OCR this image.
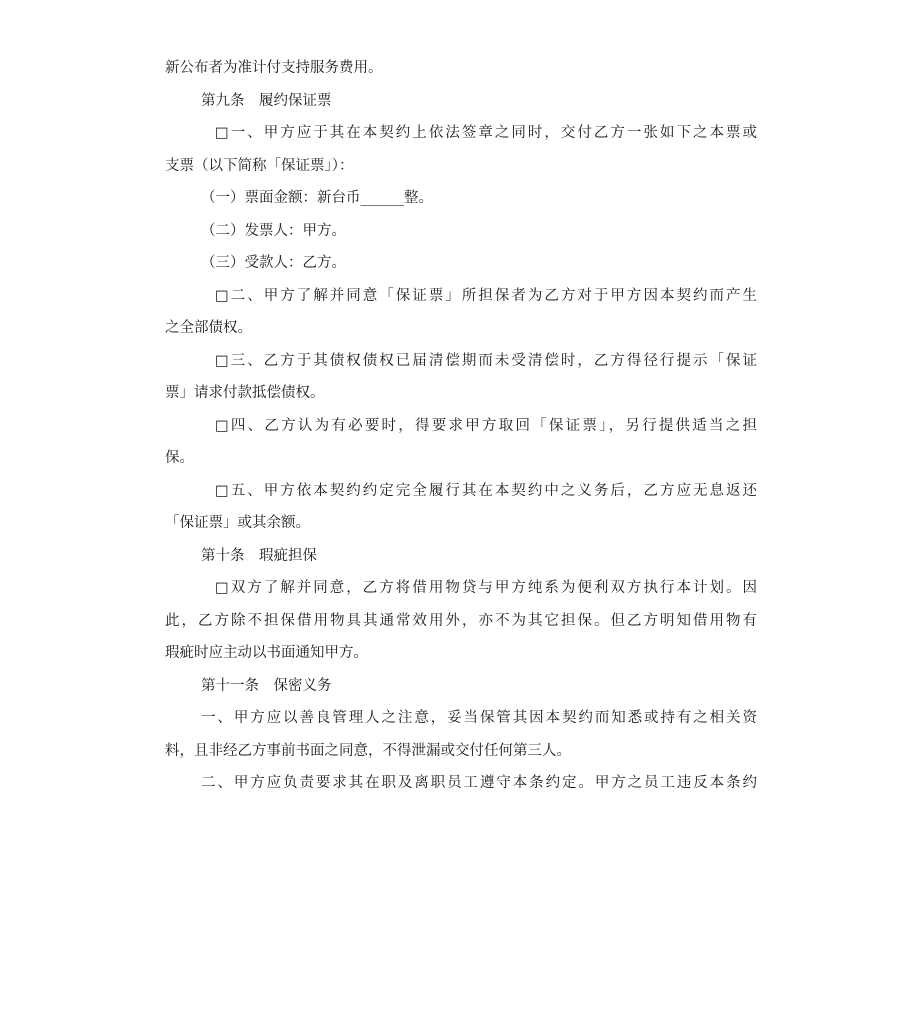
新公布者为准计付支持服务费用。
第九条　履约保证票
□一、甲方应于其在本契约上依法签章之同时，交付乙方一张如下之本票或
支票（以下简称「保证票」）：
（一）票面金额：新台币______整。
（二）发票人：甲方。
（三）受款人：乙方。
□二、甲方了解并同意「保证票」所担保者为乙方对于甲方因本契约而产生
之全部债权。
□三、乙方于其债权债权已届清偿期而未受清偿时，乙方得径行提示「保证
票」请求付款抵偿债权。
□四、乙方认为有必要时，得要求甲方取回「保证票」，另行提供适当之担
保。
□五、甲方依本契约约定完全履行其在本契约中之义务后，乙方应无息返还
「保证票」或其余额。
第十条　瑕疵担保
□双方了解并同意，乙方将借用物贷与甲方纯系为便利双方执行本计划。因
此，乙方除不担保借用物具其通常效用外，亦不为其它担保。但乙方明知借用物有
瑕疵时应主动以书面通知甲方。
第十一条　保密义务
一、甲方应以善良管理人之注意，妥当保管其因本契约而知悉或持有之相关资
料，且非经乙方事前书面之同意，不得泄漏或交付任何第三人。
二、甲方应负责要求其在职及离职员工遵守本条约定。甲方之员工违反本条约
